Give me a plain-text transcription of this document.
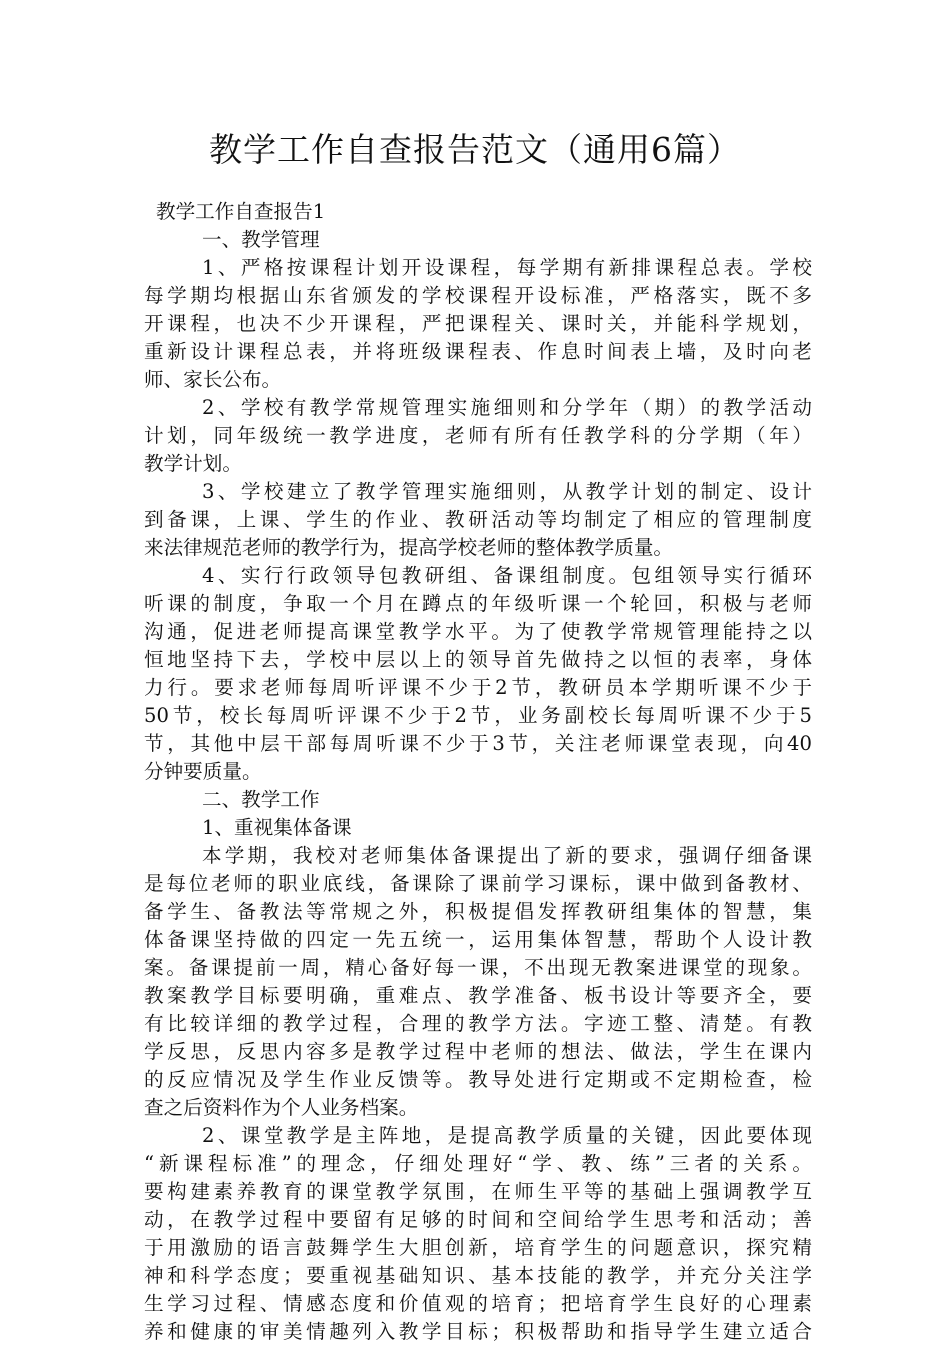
教学工作自查报告范文（通用6篇）
教学工作自查报告1
一、教学管理
1、严格按课程计划开设课程，每学期有新排课程总表。学校
每学期均根据山东省颁发的学校课程开设标准，严格落实，既不多
开课程，也决不少开课程，严把课程关、课时关，并能科学规划，
重新设计课程总表，并将班级课程表、作息时间表上墙，及时向老
师、家长公布。
2、学校有教学常规管理实施细则和分学年（期）的教学活动
计划，同年级统一教学进度，老师有所有任教学科的分学期（年）
教学计划。
3、学校建立了教学管理实施细则，从教学计划的制定、设计
到备课，上课、学生的作业、教研活动等均制定了相应的管理制度
来法律规范老师的教学行为，提高学校老师的整体教学质量。
4、实行行政领导包教研组、备课组制度。包组领导实行循环
听课的制度，争取一个月在蹲点的年级听课一个轮回，积极与老师
沟通，促进老师提高课堂教学水平。为了使教学常规管理能持之以
恒地坚持下去，学校中层以上的领导首先做持之以恒的表率，身体
力行。要求老师每周听评课不少于2节，教研员本学期听课不少于
50节，校长每周听评课不少于2节，业务副校长每周听课不少于5
节，其他中层干部每周听课不少于3节，关注老师课堂表现，向40
分钟要质量。
二、教学工作
1、重视集体备课
本学期，我校对老师集体备课提出了新的要求，强调仔细备课
是每位老师的职业底线，备课除了课前学习课标，课中做到备教材、
备学生、备教法等常规之外，积极提倡发挥教研组集体的智慧，集
体备课坚持做的四定一先五统一，运用集体智慧，帮助个人设计教
案。备课提前一周，精心备好每一课，不出现无教案进课堂的现象。
教案教学目标要明确，重难点、教学准备、板书设计等要齐全，要
有比较详细的教学过程，合理的教学方法。字迹工整、清楚。有教
学反思，反思内容多是教学过程中老师的想法、做法，学生在课内
的反应情况及学生作业反馈等。教导处进行定期或不定期检查，检
查之后资料作为个人业务档案。
2、课堂教学是主阵地，是提高教学质量的关键，因此要体现
“新课程标准”的理念，仔细处理好“学、教、练”三者的关系。
要构建素养教育的课堂教学氛围，在师生平等的基础上强调教学互
动，在教学过程中要留有足够的时间和空间给学生思考和活动；善
于用激励的语言鼓舞学生大胆创新，培育学生的问题意识，探究精
神和科学态度；要重视基础知识、基本技能的教学，并充分关注学
生学习过程、情感态度和价值观的培育；把培育学生良好的心理素
养和健康的审美情趣列入教学目标；积极帮助和指导学生建立适合
